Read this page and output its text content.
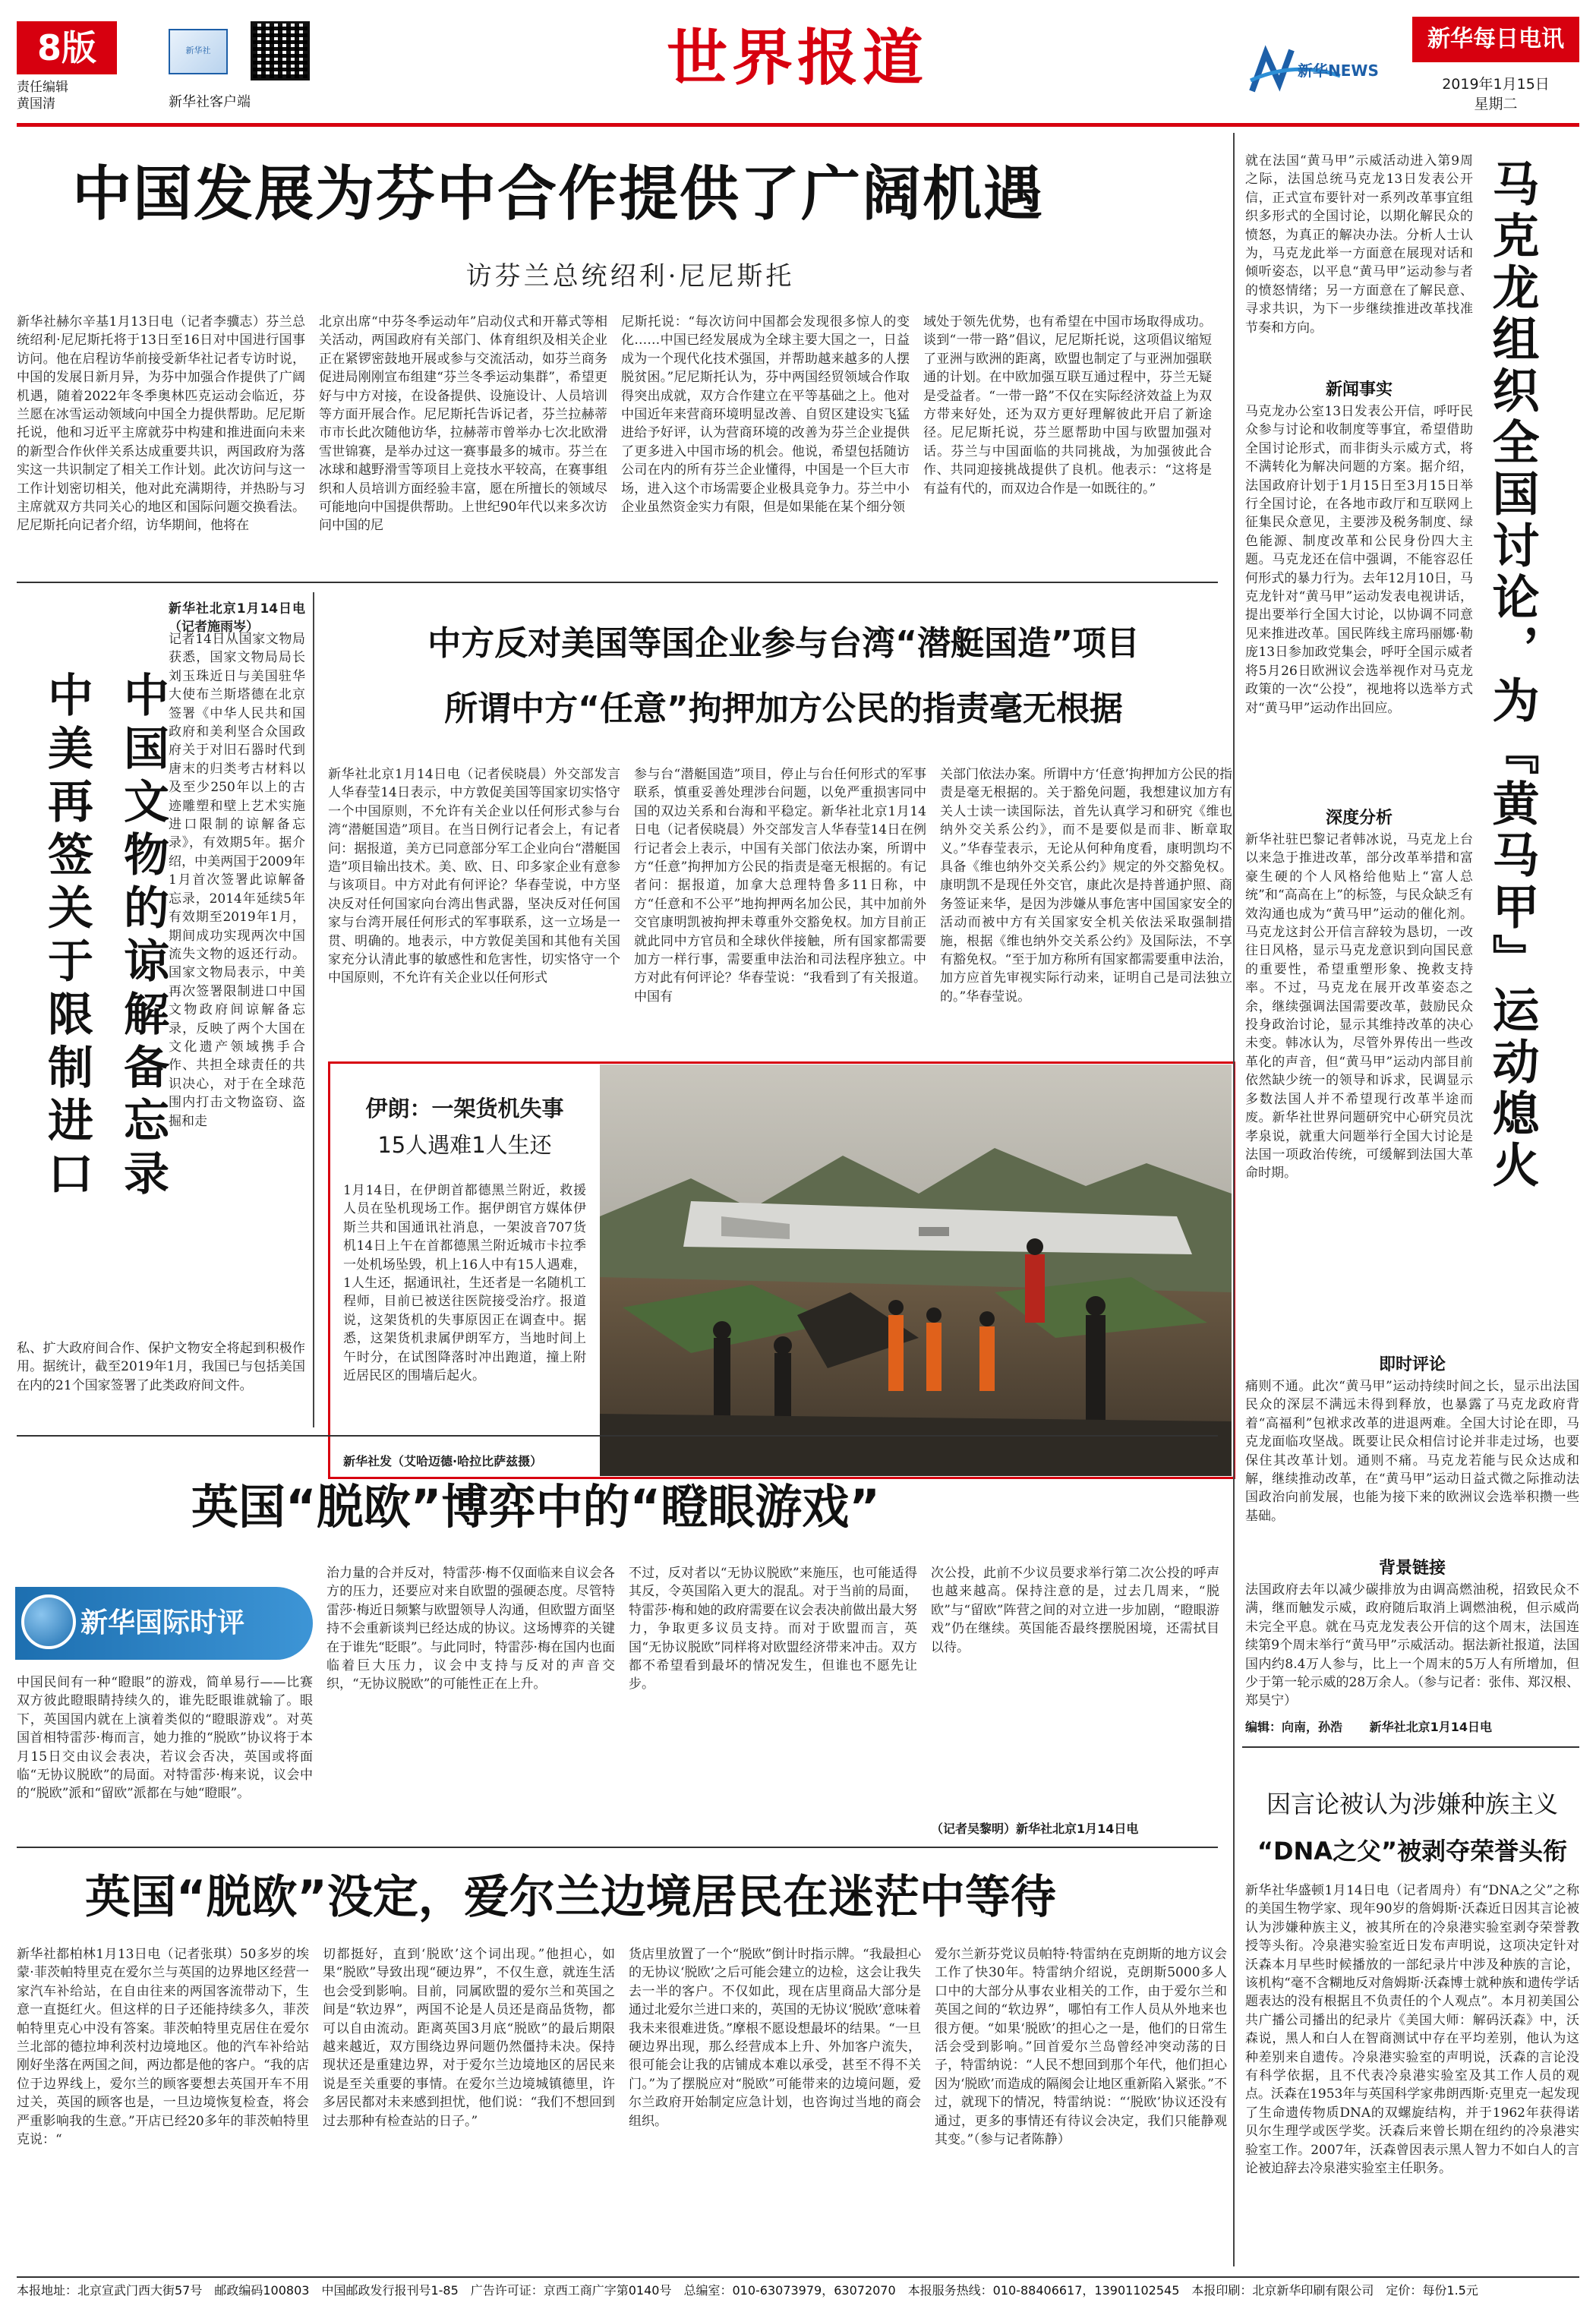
8版
责任编辑
黄国清
新华社
新华社客户端
世界报道	新华NEWS
新华每日电讯
2019年1月15日
星期二
中国发展为芬中合作提供了广阔机遇
访芬兰总统绍利·尼尼斯托
新华社赫尔辛基1月13日电（记者李骥志）芬兰总统绍利·尼尼斯托将于13日至16日对中国进行国事访问。他在启程访华前接受新华社记者专访时说，中国的发展日新月异，为芬中加强合作提供了广阔机遇，随着2022年冬季奥林匹克运动会临近，芬兰愿在冰雪运动领域向中国全力提供帮助。尼尼斯托说，他和习近平主席就芬中构建和推进面向未来的新型合作伙伴关系达成重要共识，两国政府为落实这一共识制定了相关工作计划。此次访问与这一工作计划密切相关，他对此充满期待，并热盼与习主席就双方共同关心的地区和国际问题交换看法。尼尼斯托向记者介绍，访华期间，他将在
北京出席“中芬冬季运动年”启动仪式和开幕式等相关活动，两国政府有关部门、体育组织及相关企业正在紧锣密鼓地开展或参与交流活动，如芬兰商务促进局刚刚宣布组建“芬兰冬季运动集群”，希望更好与中方对接，在设备提供、设施设计、人员培训等方面开展合作。尼尼斯托告诉记者，芬兰拉赫蒂市市长此次随他访华，拉赫蒂市曾举办七次北欧滑雪世锦赛，是举办过这一赛事最多的城市。芬兰在冰球和越野滑雪等项目上竞技水平较高，在赛事组织和人员培训方面经验丰富，愿在所擅长的领域尽可能地向中国提供帮助。上世纪90年代以来多次访问中国的尼
尼斯托说：“每次访问中国都会发现很多惊人的变化……中国已经发展成为全球主要大国之一，日益成为一个现代化技术强国，并帮助越来越多的人摆脱贫困。”尼尼斯托认为，芬中两国经贸领域合作取得突出成就，双方合作建立在平等基础之上。他对中国近年来营商环境明显改善、自贸区建设实飞猛进给予好评，认为营商环境的改善为芬兰企业提供了更多进入中国市场的机会。他说，希望包括随访公司在内的所有芬兰企业懂得，中国是一个巨大市场，进入这个市场需要企业极具竞争力。芬兰中小企业虽然资金实力有限，但是如果能在某个细分领
域处于领先优势，也有希望在中国市场取得成功。谈到“一带一路”倡议，尼尼斯托说，这项倡议缩短了亚洲与欧洲的距离，欧盟也制定了与亚洲加强联通的计划。在中欧加强互联互通过程中，芬兰无疑是受益者。“一带一路”不仅在实际经济效益上为双方带来好处，还为双方更好理解彼此开启了新途径。尼尼斯托说，芬兰愿帮助中国与欧盟加强对话。芬兰与中国面临的共同挑战，为加强彼此合作、共同迎接挑战提供了良机。他表示：“这将是有益有代的，而双边合作是一如既往的。”
中国文物的谅解备忘录
中美再签关于限制进口
新华社北京1月14日电（记者施雨岑）
记者14日从国家文物局获悉，国家文物局局长刘玉珠近日与美国驻华大使布兰斯塔德在北京签署《中华人民共和国政府和美利坚合众国政府关于对旧石器时代到唐末的归类考古材料以及至少250年以上的古迹雕塑和壁上艺术实施进口限制的谅解备忘录》，有效期5年。据介绍，中美两国于2009年1月首次签署此谅解备忘录，2014年延续5年有效期至2019年1月，期间成功实现两次中国流失文物的返还行动。国家文物局表示，中美再次签署限制进口中国文物政府间谅解备忘录，反映了两个大国在文化遗产领域携手合作、共担全球责任的共识决心，对于在全球范围内打击文物盗窃、盗掘和走
私、扩大政府间合作、保护文物安全将起到积极作用。据统计，截至2019年1月，我国已与包括美国在内的21个国家签署了此类政府间文件。
中方反对美国等国企业参与台湾“潜艇国造”项目
所谓中方“任意”拘押加方公民的指责毫无根据
新华社北京1月14日电（记者侯晓晨）外交部发言人华春莹14日表示，中方敦促美国等国家切实恪守一个中国原则，不允许有关企业以任何形式参与台湾“潜艇国造”项目。在当日例行记者会上，有记者问：据报道，美方已同意部分军工企业向台“潜艇国造”项目输出技术。美、欧、日、印多家企业有意参与该项目。中方对此有何评论？华春莹说，中方坚决反对任何国家向台湾出售武器，坚决反对任何国家与台湾开展任何形式的军事联系，这一立场是一贯、明确的。地表示，中方敦促美国和其他有关国家充分认清此事的敏感性和危害性，切实恪守一个中国原则，不允许有关企业以任何形式
参与台“潜艇国造”项目，停止与台任何形式的军事联系，慎重妥善处理涉台问题，以免严重损害同中国的双边关系和台海和平稳定。新华社北京1月14日电（记者侯晓晨）外交部发言人华春莹14日在例行记者会上表示，中国有关部门依法办案，所谓中方“任意”拘押加方公民的指责是毫无根据的。有记者问：据报道，加拿大总理特鲁多11日称，中方“任意和不公平”地拘押两名加公民，其中加前外交官康明凯被拘押未尊重外交豁免权。加方目前正就此同中方官员和全球伙伴接触，所有国家都需要加方一样行事，需要重申法治和司法程序独立。中方对此有何评论？华春莹说：“我看到了有关报道。中国有
关部门依法办案。所谓中方‘任意’拘押加方公民的指责是毫无根据的。关于豁免问题，我想建议加方有关人士读一读国际法，首先认真学习和研究《维也纳外交关系公约》，而不是要似是而非、断章取义。”华春莹表示，无论从何种角度看，康明凯均不具备《维也纳外交关系公约》规定的外交豁免权。康明凯不是现任外交官，康此次是持普通护照、商务签证来华，是因为涉嫌从事危害中国国家安全的活动而被中方有关国家安全机关依法采取强制措施，根据《维也纳外交关系公约》及国际法，不享有豁免权。“至于加方称所有国家都需要重申法治，加方应首先审视实际行动来，证明自己是司法独立的。”华春莹说。
伊朗：一架货机失事
15人遇难1人生还
1月14日，在伊朗首都德黑兰附近，救援人员在坠机现场工作。据伊朗官方媒体伊斯兰共和国通讯社消息，一架波音707货机14日上午在首都德黑兰附近城市卡拉季一处机场坠毁，机上16人中有15人遇难，1人生还，据通讯社，生还者是一名随机工程师，目前已被送往医院接受治疗。报道说，这架货机的失事原因正在调查中。据悉，这架货机隶属伊朗军方，当地时间上午时分，在试图降落时冲出跑道，撞上附近居民区的围墙后起火。
新华社发（艾哈迈德·哈拉比萨兹摄）
英国“脱欧”博弈中的“瞪眼游戏”
新华国际时评
中国民间有一种“瞪眼”的游戏，简单易行——比赛双方彼此瞪眼睛持续久的，谁先眨眼谁就输了。眼下，英国国内就在上演着类似的“瞪眼游戏”。对英国首相特雷莎·梅而言，她力推的“脱欧”协议将于本月15日交由议会表决，若议会否决，英国或将面临“无协议脱欧”的局面。对特雷莎·梅来说，议会中的“脱欧”派和“留欧”派都在与她“瞪眼”。
治力量的合并反对，特雷莎·梅不仅面临来自议会各方的压力，还要应对来自欧盟的强硬态度。尽管特雷莎·梅近日频繁与欧盟领导人沟通，但欧盟方面坚持不会重新谈判已经达成的协议。这场博弈的关键在于谁先“眨眼”。与此同时，特雷莎·梅在国内也面临着巨大压力，议会中支持与反对的声音交织，“无协议脱欧”的可能性正在上升。
不过，反对者以“无协议脱欧”来施压，也可能适得其反，令英国陷入更大的混乱。对于当前的局面，特雷莎·梅和她的政府需要在议会表决前做出最大努力，争取更多议员支持。而对于欧盟而言，英国“无协议脱欧”同样将对欧盟经济带来冲击。双方都不希望看到最坏的情况发生，但谁也不愿先让步。
次公投，此前不少议员要求举行第二次公投的呼声也越来越高。保持注意的是，过去几周来，“脱欧”与“留欧”阵营之间的对立进一步加剧，“瞪眼游戏”仍在继续。英国能否最终摆脱困境，还需拭目以待。
（记者吴黎明）新华社北京1月14日电
英国“脱欧”没定，爱尔兰边境居民在迷茫中等待
新华社都柏林1月13日电（记者张琪）50多岁的埃蒙·菲茨帕特里克在爱尔兰与英国的边界地区经营一家汽车补给站，在自由往来的两国客流带动下，生意一直挺红火。但这样的日子还能持续多久，菲茨帕特里克心中没有答案。菲茨帕特里克居住在爱尔兰北部的德拉坤利茨村边境地区。他的汽车补给站刚好坐落在两国之间，两边都是他的客户。“我的店位于边界线上，爱尔兰的顾客要想去英国开车不用过关，英国的顾客也是，一旦边境恢复检查，将会严重影响我的生意。”开店已经20多年的菲茨帕特里克说：“
切都挺好，直到‘脱欧’这个词出现。”他担心，如果“脱欧”导致出现“硬边界”，不仅生意，就连生活也会受到影响。目前，同属欧盟的爱尔兰和英国之间是“软边界”，两国不论是人员还是商品货物，都可以自由流动。距离英国3月底“脱欧”的最后期限越来越近，双方围绕边界问题仍然僵持未决。保持现状还是重建边界，对于爱尔兰边境地区的居民来说是至关重要的事情。在爱尔兰边境城镇德里，许多居民都对未来感到担忧，他们说：“我们不想回到过去那种有检查站的日子。”
货店里放置了一个“脱欧”倒计时指示牌。“我最担心的无协议‘脱欧’之后可能会建立的边检，这会让我失去一半的客户。不仅如此，现在店里商品大部分是通过北爱尔兰进口来的，英国的无协议‘脱欧’意味着我未来很难进货。”摩根不愿设想最坏的结果。“一旦硬边界出现，那么经营成本上升、外加客户流失，很可能会让我的店铺成本难以承受，甚至不得不关门。”为了摆脱应对“脱欧”可能带来的边境问题，爱尔兰政府开始制定应急计划，也咨询过当地的商会组织。
爱尔兰新芬党议员帕特·特雷纳在克朗斯的地方议会工作了快30年。特雷纳介绍说，克朗斯5000多人口中的大部分从事农业相关的工作，由于爱尔兰和英国之间的“软边界”，哪怕有工作人员从外地来也很方便。“如果‘脱欧’的担心之一是，他们的日常生活会受到影响。”回首爱尔兰岛曾经冲突动荡的日子，特雷纳说：“人民不想回到那个年代，他们担心因为‘脱欧’而造成的隔阂会让地区重新陷入紧张。”不过，就现下的情况，特雷纳说：“‘脱欧’协议还没有通过，更多的事情还有待议会决定，我们只能静观其变。”（参与记者陈静）
就在法国“黄马甲”示威活动进入第9周之际，法国总统马克龙13日发表公开信，正式宣布要针对一系列改革事宜组织多形式的全国讨论，以期化解民众的愤怒，为真正的解决办法。分析人士认为，马克龙此举一方面意在展现对话和倾听姿态，以平息“黄马甲”运动参与者的愤怒情绪；另一方面意在了解民意、寻求共识，为下一步继续推进改革找准节奏和方向。	马克龙组织全国讨论，为『黄马甲』运动熄火
新闻事实
马克龙办公室13日发表公开信，呼吁民众参与讨论和收制度等事宜，希望借助全国讨论形式，而非街头示威方式，将不满转化为解决问题的方案。据介绍，法国政府计划于1月15日至3月15日举行全国讨论，在各地市政厅和互联网上征集民众意见，主要涉及税务制度、绿色能源、制度改革和公民身份四大主题。马克龙还在信中强调，不能容忍任何形式的暴力行为。去年12月10日，马克龙针对“黄马甲”运动发表电视讲话，提出要举行全国大讨论，以协调不同意见来推进改革。国民阵线主席玛丽娜·勒庞13日参加政党集会，呼吁全国示威者将5月26日欧洲议会选举视作对马克龙政策的一次“公投”，视地将以选举方式对“黄马甲”运动作出回应。
深度分析
新华社驻巴黎记者韩冰说，马克龙上台以来急于推进改革，部分改革举措和富豪生硬的个人风格给他贴上“富人总统”和“高高在上”的标签，与民众缺乏有效沟通也成为“黄马甲”运动的催化剂。马克龙这封公开信言辞较为恳切，一改往日风格，显示马克龙意识到向国民意的重要性，希望重塑形象、挽救支持率。不过，马克龙在展开改革姿态之余，继续强调法国需要改革，鼓励民众投身政治讨论，显示其维持改革的决心未变。韩冰认为，尽管外界传出一些改革化的声音，但“黄马甲”运动内部目前依然缺少统一的领导和诉求，民调显示多数法国人并不希望现行改革半途而废。新华社世界问题研究中心研究员沈孝泉说，就重大问题举行全国大讨论是法国一项政治传统，可缓解到法国大革命时期。
即时评论
痛则不通。此次“黄马甲”运动持续时间之长，显示出法国民众的深层不满远未得到释放，也暴露了马克龙政府背着“高福利”包袱求改革的进退两难。全国大讨论在即，马克龙面临攻坚战。既要让民众相信讨论并非走过场，也要保住其改革计划。通则不痛。马克龙若能与民众达成和解，继续推动改革，在“黄马甲”运动日益式微之际推动法国政治向前发展，也能为接下来的欧洲议会选举积攒一些基础。
背景链接
法国政府去年以减少碳排放为由调高燃油税，招致民众不满，继而触发示威，政府随后取消上调燃油税，但示威尚未完全平息。就在马克龙发表公开信的这个周末，法国连续第9个周末举行“黄马甲”示威活动。据法新社报道，法国国内约8.4万人参与，比上一个周末的5万人有所增加，但少于第一轮示威的28万余人。（参与记者：张伟、郑汉根、郑昊宁）
编辑：向南，孙浩 新华社北京1月14日电
因言论被认为涉嫌种族主义
“DNA之父”被剥夺荣誉头衔
新华社华盛顿1月14日电（记者周舟）有“DNA之父”之称的美国生物学家、现年90岁的詹姆斯·沃森近日因其言论被认为涉嫌种族主义，被其所在的冷泉港实验室剥夺荣誉教授等头衔。冷泉港实验室近日发布声明说，这项决定针对沃森本月早些时候播放的一部纪录片中涉及种族的言论，该机构“毫不含糊地反对詹姆斯·沃森博士就种族和遗传学话题表达的没有根据且不负责任的个人观点”。本月初美国公共广播公司播出的纪录片《美国大师：解码沃森》中，沃森说，黑人和白人在智商测试中存在平均差别，他认为这种差别来自遗传。冷泉港实验室的声明说，沃森的言论没有科学依据，且不代表冷泉港实验室及其工作人员的观点。沃森在1953年与英国科学家弗朗西斯·克里克一起发现了生命遗传物质DNA的双螺旋结构，并于1962年获得诺贝尔生理学或医学奖。沃森后来曾长期在纽约的冷泉港实验室工作。2007年，沃森曾因表示黑人智力不如白人的言论被迫辞去冷泉港实验室主任职务。
本报地址：北京宣武门西大街57号　邮政编码100803　中国邮政发行报刊号1-85　广告许可证：京西工商广字第0140号　总编室：010-63073979，63072070　本报服务热线：010-88406617，13901102545　本报印刷：北京新华印刷有限公司　定价：每份1.5元
